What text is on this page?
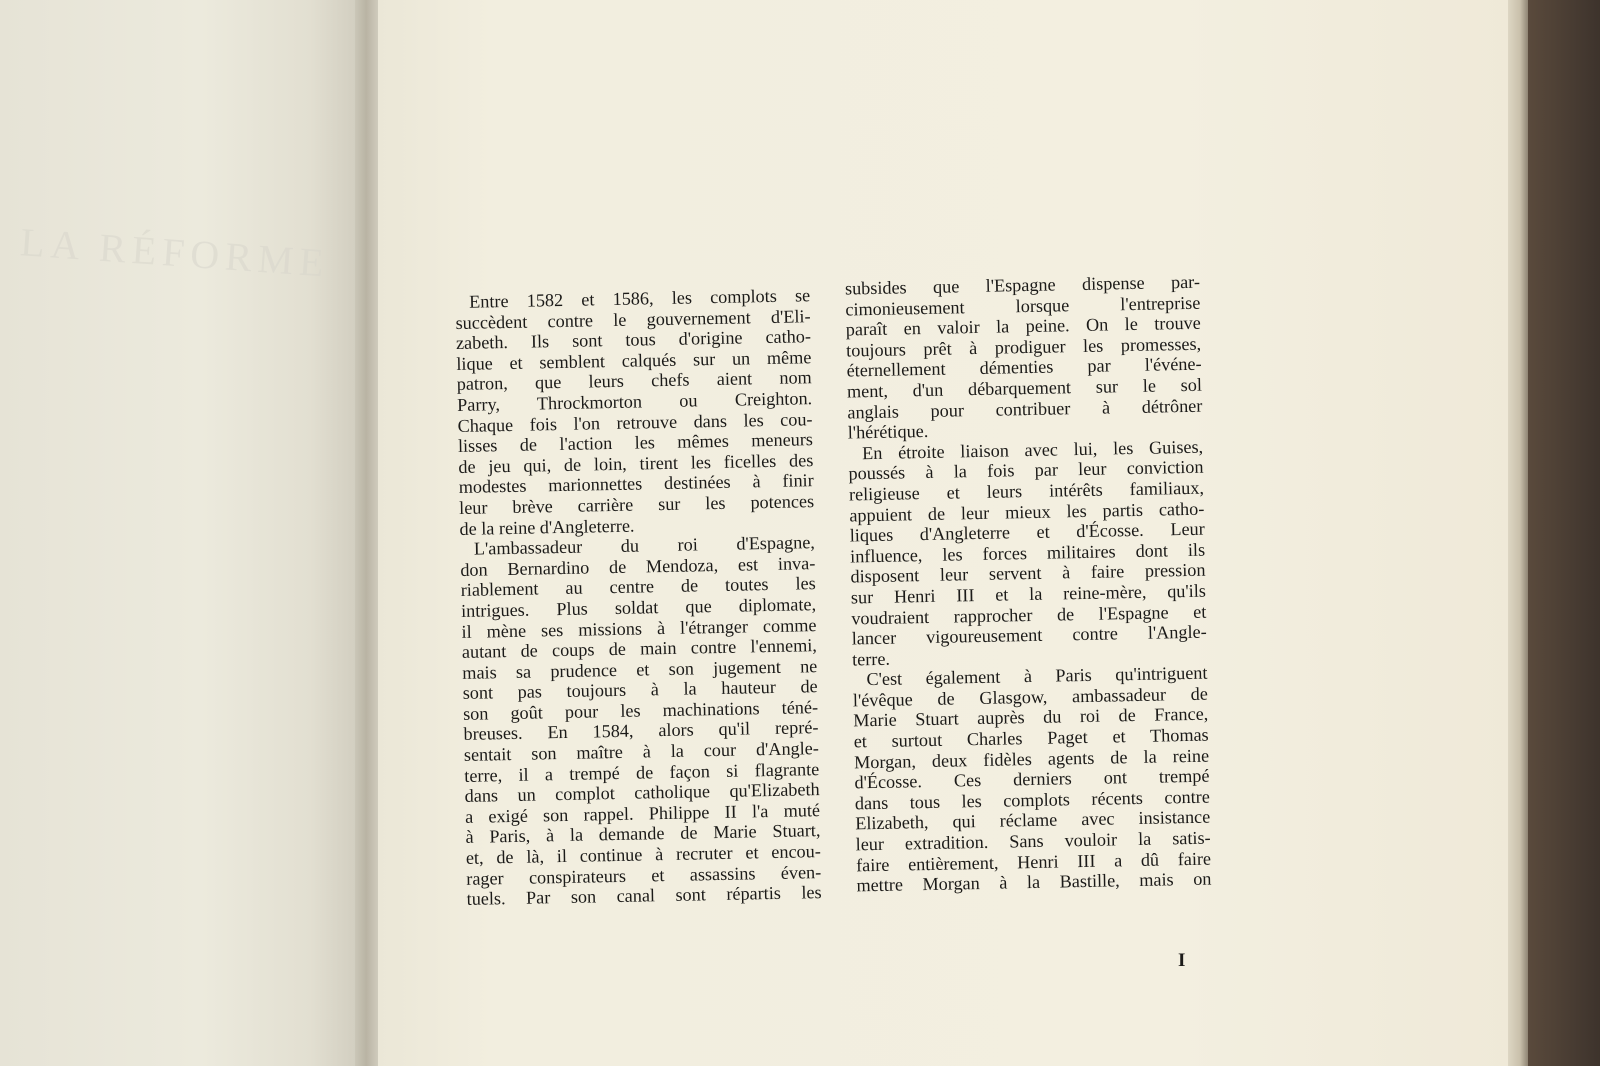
LA RÉFORME
Entre 1582 et 1586, les complots se
succèdent contre le gouvernement d'Eli-
zabeth. Ils sont tous d'origine catho-
lique et semblent calqués sur un même
patron, que leurs chefs aient nom
Parry, Throckmorton ou Creighton.
Chaque fois l'on retrouve dans les cou-
lisses de l'action les mêmes meneurs
de jeu qui, de loin, tirent les ficelles des
modestes marionnettes destinées à finir
leur brève carrière sur les potences
de la reine d'Angleterre.
L'ambassadeur du roi d'Espagne,
don Bernardino de Mendoza, est inva-
riablement au centre de toutes les
intrigues. Plus soldat que diplomate,
il mène ses missions à l'étranger comme
autant de coups de main contre l'ennemi,
mais sa prudence et son jugement ne
sont pas toujours à la hauteur de
son goût pour les machinations téné-
breuses. En 1584, alors qu'il repré-
sentait son maître à la cour d'Angle-
terre, il a trempé de façon si flagrante
dans un complot catholique qu'Elizabeth
a exigé son rappel. Philippe II l'a muté
à Paris, à la demande de Marie Stuart,
et, de là, il continue à recruter et encou-
rager conspirateurs et assassins éven-
tuels. Par son canal sont répartis les
subsides que l'Espagne dispense par-
cimonieusement lorsque l'entreprise
paraît en valoir la peine. On le trouve
toujours prêt à prodiguer les promesses,
éternellement démenties par l'événe-
ment, d'un débarquement sur le sol
anglais pour contribuer à détrôner
l'hérétique.
En étroite liaison avec lui, les Guises,
poussés à la fois par leur conviction
religieuse et leurs intérêts familiaux,
appuient de leur mieux les partis catho-
liques d'Angleterre et d'Écosse. Leur
influence, les forces militaires dont ils
disposent leur servent à faire pression
sur Henri III et la reine-mère, qu'ils
voudraient rapprocher de l'Espagne et
lancer vigoureusement contre l'Angle-
terre.
C'est également à Paris qu'intriguent
l'évêque de Glasgow, ambassadeur de
Marie Stuart auprès du roi de France,
et surtout Charles Paget et Thomas
Morgan, deux fidèles agents de la reine
d'Écosse. Ces derniers ont trempé
dans tous les complots récents contre
Elizabeth, qui réclame avec insistance
leur extradition. Sans vouloir la satis-
faire entièrement, Henri III a dû faire
mettre Morgan à la Bastille, mais on
I
